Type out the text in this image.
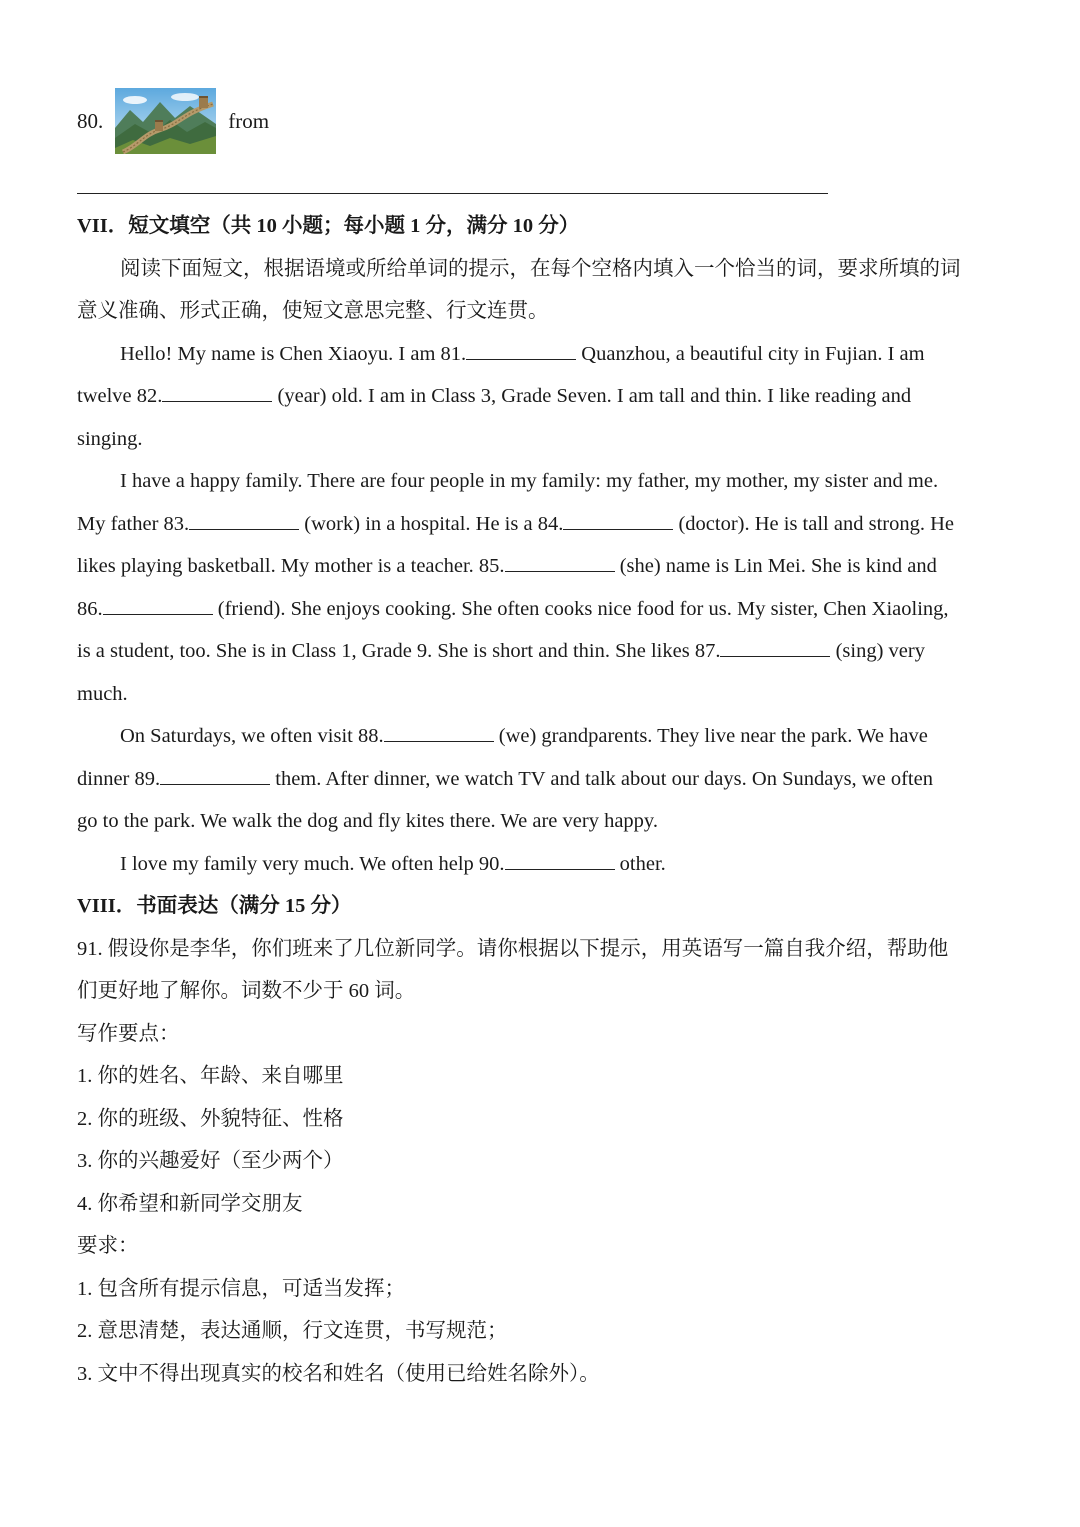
80.	from
VII．短文填空（共 10 小题；每小题 1 分，满分 10 分）
阅读下面短文，根据语境或所给单词的提示，在每个空格内填入一个恰当的词，要求所填的词
意义准确、形式正确，使短文意思完整、行文连贯。
Hello! My name is Chen Xiaoyu. I am 81.	Quanzhou, a beautiful city in Fujian. I am
twelve 82.	(year) old. I am in Class 3, Grade Seven. I am tall and thin. I like reading and
singing.
I have a happy family. There are four people in my family: my father, my mother, my sister and me.
My father 83.	(work) in a hospital. He is a 84.	(doctor). He is tall and strong. He
likes playing basketball. My mother is a teacher. 85.	(she) name is Lin Mei. She is kind and
86.	(friend). She enjoys cooking. She often cooks nice food for us. My sister, Chen Xiaoling,
is a student, too. She is in Class 1, Grade 9. She is short and thin. She likes 87.	(sing) very
much.
On Saturdays, we often visit 88.	(we) grandparents. They live near the park. We have
dinner 89.	them. After dinner, we watch TV and talk about our days. On Sundays, we often
go to the park. We walk the dog and fly kites there. We are very happy.
I love my family very much. We often help 90.	other.
VIII．书面表达（满分 15 分）
91. 假设你是李华，你们班来了几位新同学。请你根据以下提示，用英语写一篇自我介绍，帮助他
们更好地了解你。词数不少于 60 词。
写作要点：
1. 你的姓名、年龄、来自哪里
2. 你的班级、外貌特征、性格
3. 你的兴趣爱好（至少两个）
4. 你希望和新同学交朋友
要求：
1. 包含所有提示信息，可适当发挥；
2. 意思清楚，表达通顺，行文连贯，书写规范；
3. 文中不得出现真实的校名和姓名（使用已给姓名除外）。
